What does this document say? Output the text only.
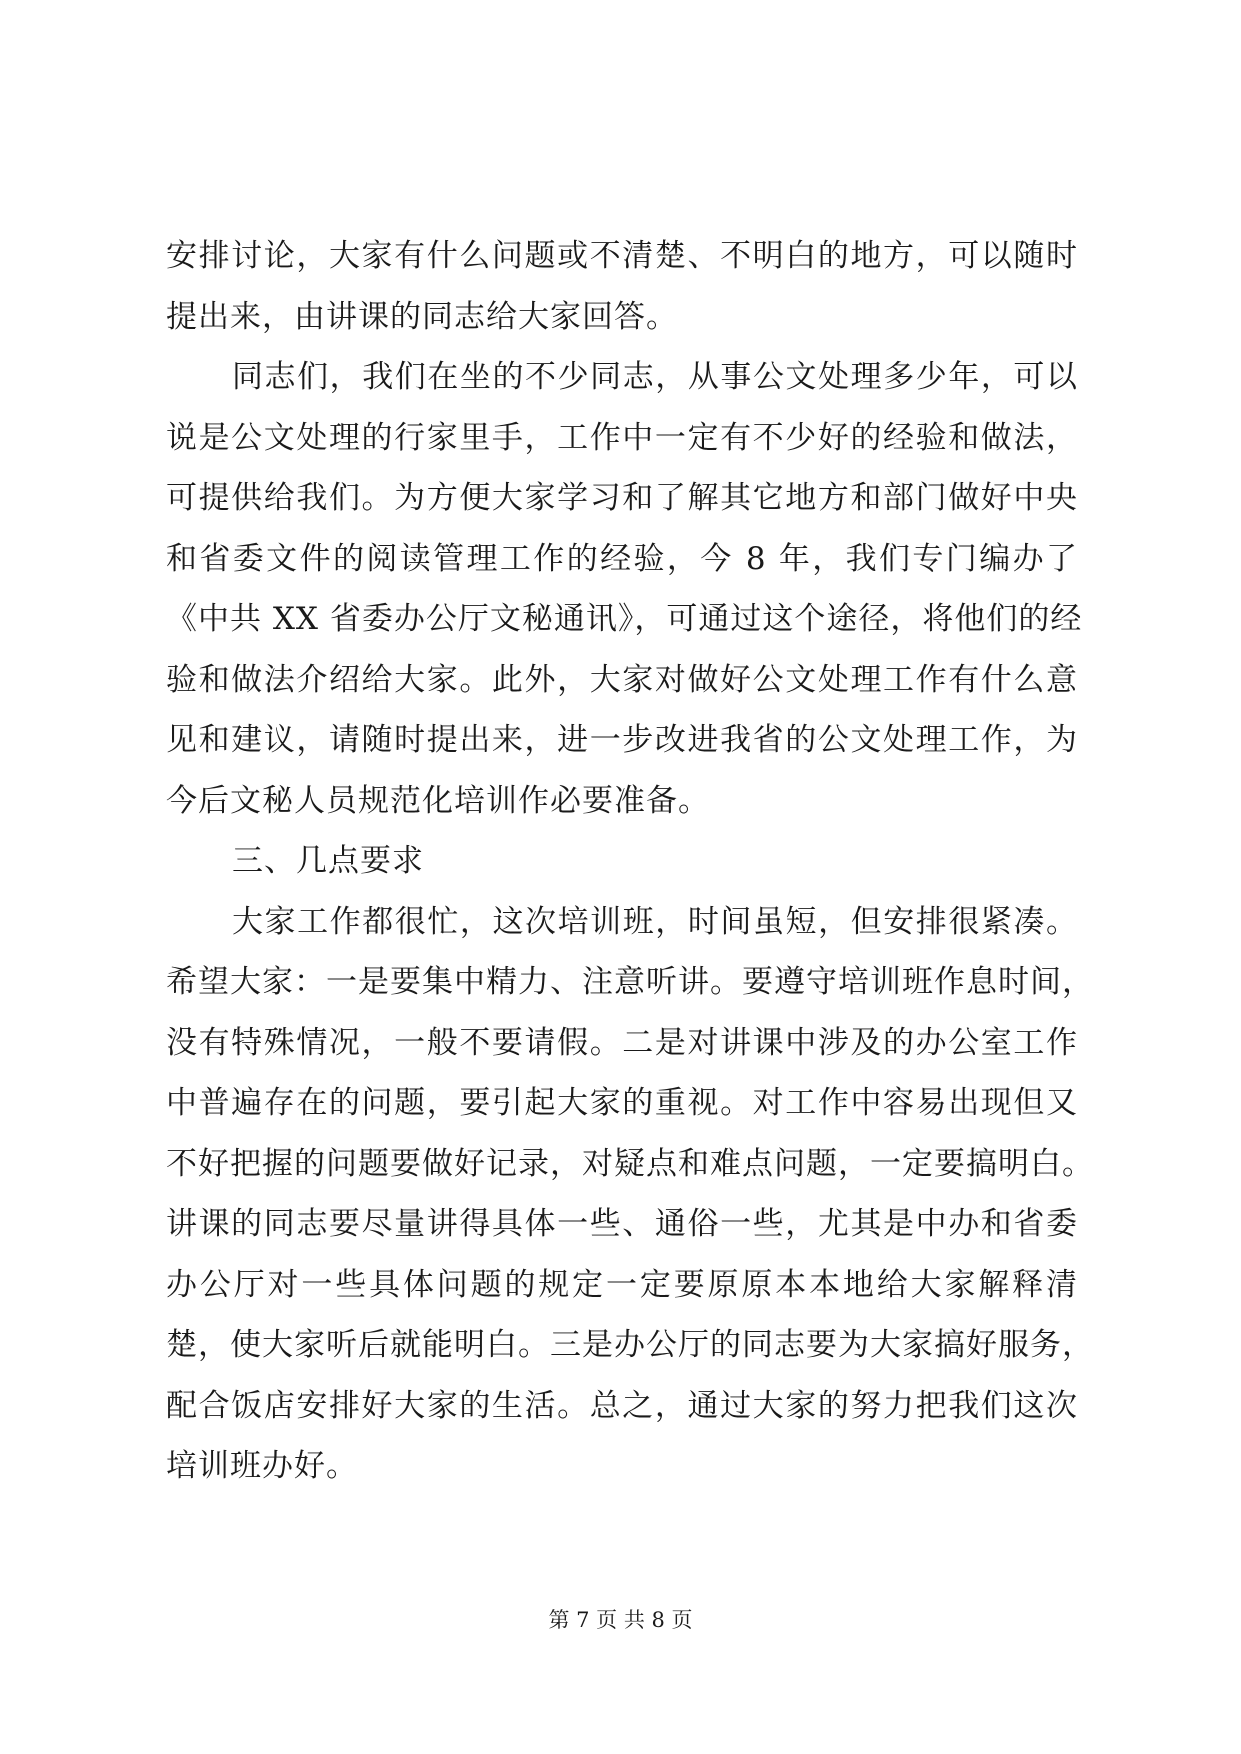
安排讨论，大家有什么问题或不清楚、不明白的地方，可以随时
提出来，由讲课的同志给大家回答。
同志们，我们在坐的不少同志，从事公文处理多少年，可以
说是公文处理的行家里手，工作中一定有不少好的经验和做法，
可提供给我们。为方便大家学习和了解其它地方和部门做好中央
和省委文件的阅读管理工作的经验，今 8 年，我们专门编办了
《中共 XX 省委办公厅文秘通讯》，可通过这个途径，将他们的经
验和做法介绍给大家。此外，大家对做好公文处理工作有什么意
见和建议，请随时提出来，进一步改进我省的公文处理工作，为
今后文秘人员规范化培训作必要准备。
三、几点要求
大家工作都很忙，这次培训班，时间虽短，但安排很紧凑。
希望大家：一是要集中精力、注意听讲。要遵守培训班作息时间，
没有特殊情况，一般不要请假。二是对讲课中涉及的办公室工作
中普遍存在的问题，要引起大家的重视。对工作中容易出现但又
不好把握的问题要做好记录，对疑点和难点问题，一定要搞明白。
讲课的同志要尽量讲得具体一些、通俗一些，尤其是中办和省委
办公厅对一些具体问题的规定一定要原原本本地给大家解释清
楚，使大家听后就能明白。三是办公厅的同志要为大家搞好服务，
配合饭店安排好大家的生活。总之，通过大家的努力把我们这次
培训班办好。
第 7 页 共 8 页
